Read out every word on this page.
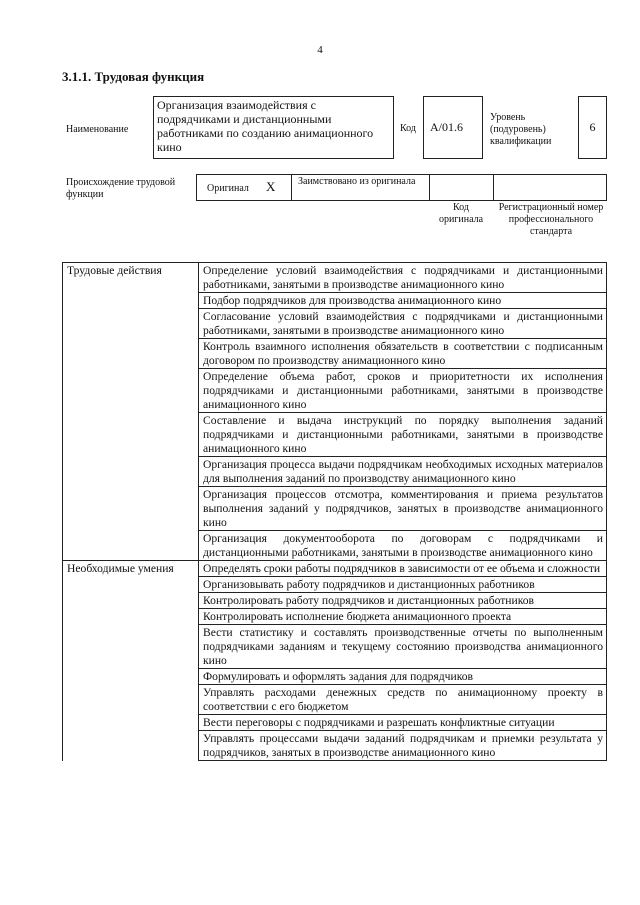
4
3.1.1. Трудовая функция
Наименование
Организация взаимодействия с подрядчиками и дистанционными работниками по созданию анимационного кино
Код A/01.6
Уровень (подуровень) квалификации
6
Происхождение трудовой функции
Оригинал X Заимствовано из оригинала
Код оригинала
Регистрационный номер профессионального стандарта
Трудовые действия	Определение условий взаимодействия с подрядчиками и дистанционными работниками, занятыми в производстве анимационного кино
	Подбор подрядчиков для производства анимационного кино
	Согласование условий взаимодействия с подрядчиками и дистанционными работниками, занятыми в производстве анимационного кино
	Контроль взаимного исполнения обязательств в соответствии с подписанным договором по производству анимационного кино
	Определение объема работ, сроков и приоритетности их исполнения подрядчиками и дистанционными работниками, занятыми в производстве анимационного кино
	Составление и выдача инструкций по порядку выполнения заданий подрядчиками и дистанционными работниками, занятыми в производстве анимационного кино
	Организация процесса выдачи подрядчикам необходимых исходных материалов для выполнения заданий по производству анимационного кино
	Организация процессов отсмотра, комментирования и приема результатов выполнения заданий у подрядчиков, занятых в производстве анимационного кино
	Организация документооборота по договорам с подрядчиками и дистанционными работниками, занятыми в производстве анимационного кино
Необходимые умения	Определять сроки работы подрядчиков в зависимости от ее объема и сложности
	Организовывать работу подрядчиков и дистанционных работников
	Контролировать работу подрядчиков и дистанционных работников
	Контролировать исполнение бюджета анимационного проекта
	Вести статистику и составлять производственные отчеты по выполненным подрядчиками заданиям и текущему состоянию производства анимационного кино
	Формулировать и оформлять задания для подрядчиков
	Управлять расходами денежных средств по анимационному проекту в соответствии с его бюджетом
	Вести переговоры с подрядчиками и разрешать конфликтные ситуации
	Управлять процессами выдачи заданий подрядчикам и приемки результата у подрядчиков, занятых в производстве анимационного кино
